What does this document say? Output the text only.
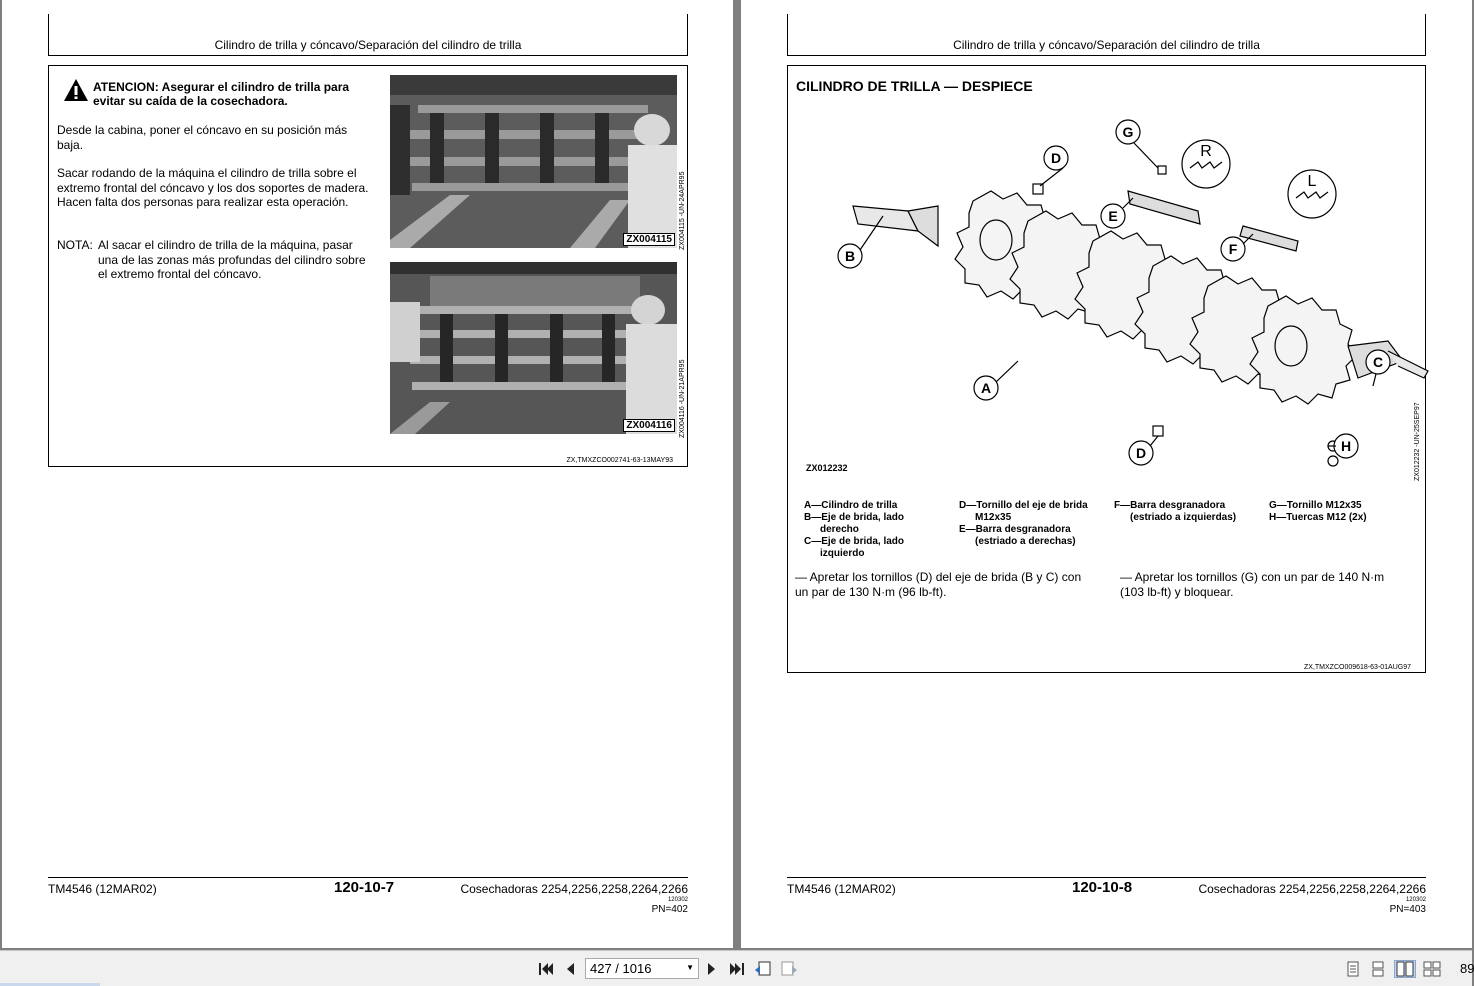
Cilindro de trilla y cóncavo/Separación del cilindro de trilla
ATENCION: Asegurar el cilindro de trilla para evitar su caída de la cosechadora.
Desde la cabina, poner el cóncavo en su posición más baja.
Sacar rodando de la máquina el cilindro de trilla sobre el extremo frontal del cóncavo y los dos soportes de madera. Hacen falta dos personas para realizar esta operación.
NOTA: Al sacar el cilindro de trilla de la máquina, pasar una de las zonas más profundas del cilindro sobre el extremo frontal del cóncavo.
ZX004115	ZX004115 -UN-24APR95
ZX004116	ZX004116 -UN-21APR95
ZX,TMXZCO002741-63-13MAY93
TM4546 (12MAR02)	120-10-7	Cosechadoras 2254,2256,2258,2264,2266
120302
PN=402
Cilindro de trilla y cóncavo/Separación del cilindro de trilla
CILINDRO DE TRILLA — DESPIECE
D
G
E
F
B
A
C
D	H
R
L
ZX012232	ZX012232 -UN-25SEP97
A—Cilindro de trilla
B—Eje de brida, lado derecho
C—Eje de brida, lado izquierdo
D—Tornillo del eje de brida M12x35
E—Barra desgranadora (estriado a derechas)
F—Barra desgranadora (estriado a izquierdas)
G—Tornillo M12x35
H—Tuercas M12 (2x)
— Apretar los tornillos (D) del eje de brida (B y C) con un par de 130 N·m (96 lb-ft).
— Apretar los tornillos (G) con un par de 140 N·m (103 lb-ft) y bloquear.
ZX,TMXZCO009618-63-01AUG97
TM4546 (12MAR02)	120-10-8	Cosechadoras 2254,2256,2258,2264,2266
120302
PN=403
427 / 1016	▼	89
